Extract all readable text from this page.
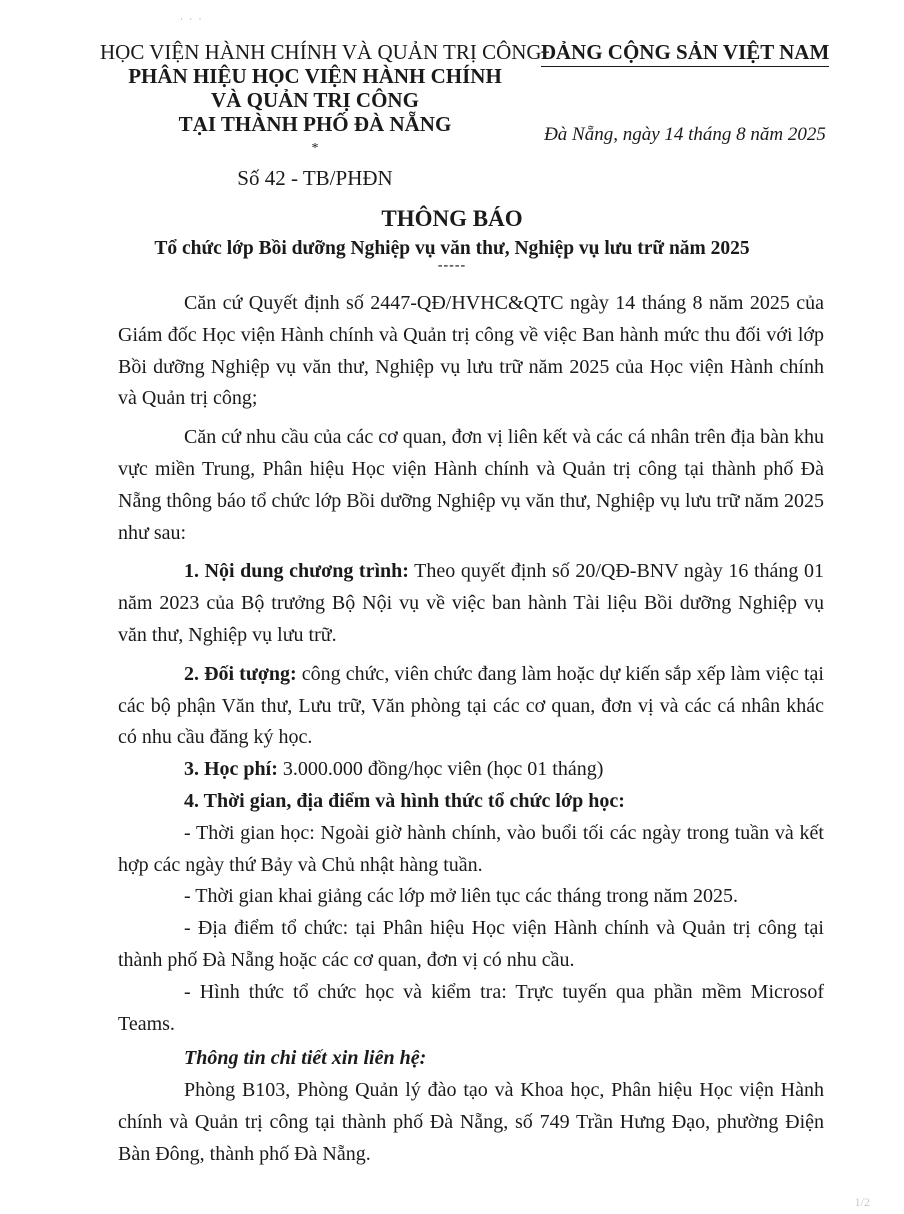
· · ·
HỌC VIỆN HÀNH CHÍNH VÀ QUẢN TRỊ CÔNG
PHÂN HIỆU HỌC VIỆN HÀNH CHÍNH
VÀ QUẢN TRỊ CÔNG
TẠI THÀNH PHỐ ĐÀ NẴNG
*
Số 42 - TB/PHĐN
ĐẢNG CỘNG SẢN VIỆT NAM
Đà Nẵng, ngày 14 tháng 8 năm 2025
THÔNG BÁO
Tổ chức lớp Bồi dưỡng Nghiệp vụ văn thư, Nghiệp vụ lưu trữ năm 2025
-----

Căn cứ Quyết định số 2447-QĐ/HVHC&QTC ngày 14 tháng 8 năm 2025 của Giám đốc Học viện Hành chính và Quản trị công về việc Ban hành mức thu đối với lớp Bồi dưỡng Nghiệp vụ văn thư, Nghiệp vụ lưu trữ năm 2025 của Học viện Hành chính và Quản trị công;

Căn cứ nhu cầu của các cơ quan, đơn vị liên kết và các cá nhân trên địa bàn khu vực miền Trung, Phân hiệu Học viện Hành chính và Quản trị công tại thành phố Đà Nẵng thông báo tổ chức lớp Bồi dưỡng Nghiệp vụ văn thư, Nghiệp vụ lưu trữ năm 2025 như sau:

1. Nội dung chương trình: Theo quyết định số 20/QĐ-BNV ngày 16 tháng 01 năm 2023 của Bộ trưởng Bộ Nội vụ về việc ban hành Tài liệu Bồi dưỡng Nghiệp vụ văn thư, Nghiệp vụ lưu trữ.

2. Đối tượng: công chức, viên chức đang làm hoặc dự kiến sắp xếp làm việc tại các bộ phận Văn thư, Lưu trữ, Văn phòng tại các cơ quan, đơn vị và các cá nhân khác có nhu cầu đăng ký học.

3. Học phí: 3.000.000 đồng/học viên (học 01 tháng)

4. Thời gian, địa điểm và hình thức tổ chức lớp học:

- Thời gian học: Ngoài giờ hành chính, vào buổi tối các ngày trong tuần và kết hợp các ngày thứ Bảy và Chủ nhật hàng tuần.

- Thời gian khai giảng các lớp mở liên tục các tháng trong năm 2025.

- Địa điểm tổ chức: tại Phân hiệu Học viện Hành chính và Quản trị công tại thành phố Đà Nẵng hoặc các cơ quan, đơn vị có nhu cầu.

- Hình thức tổ chức học và kiểm tra: Trực tuyến qua phần mềm Microsof Teams.

Thông tin chi tiết xin liên hệ:

Phòng B103, Phòng Quản lý đào tạo và Khoa học, Phân hiệu Học viện Hành chính và Quản trị công tại thành phố Đà Nẵng, số 749 Trần Hưng Đạo, phường Điện Bàn Đông, thành phố Đà Nẵng.

1/2
